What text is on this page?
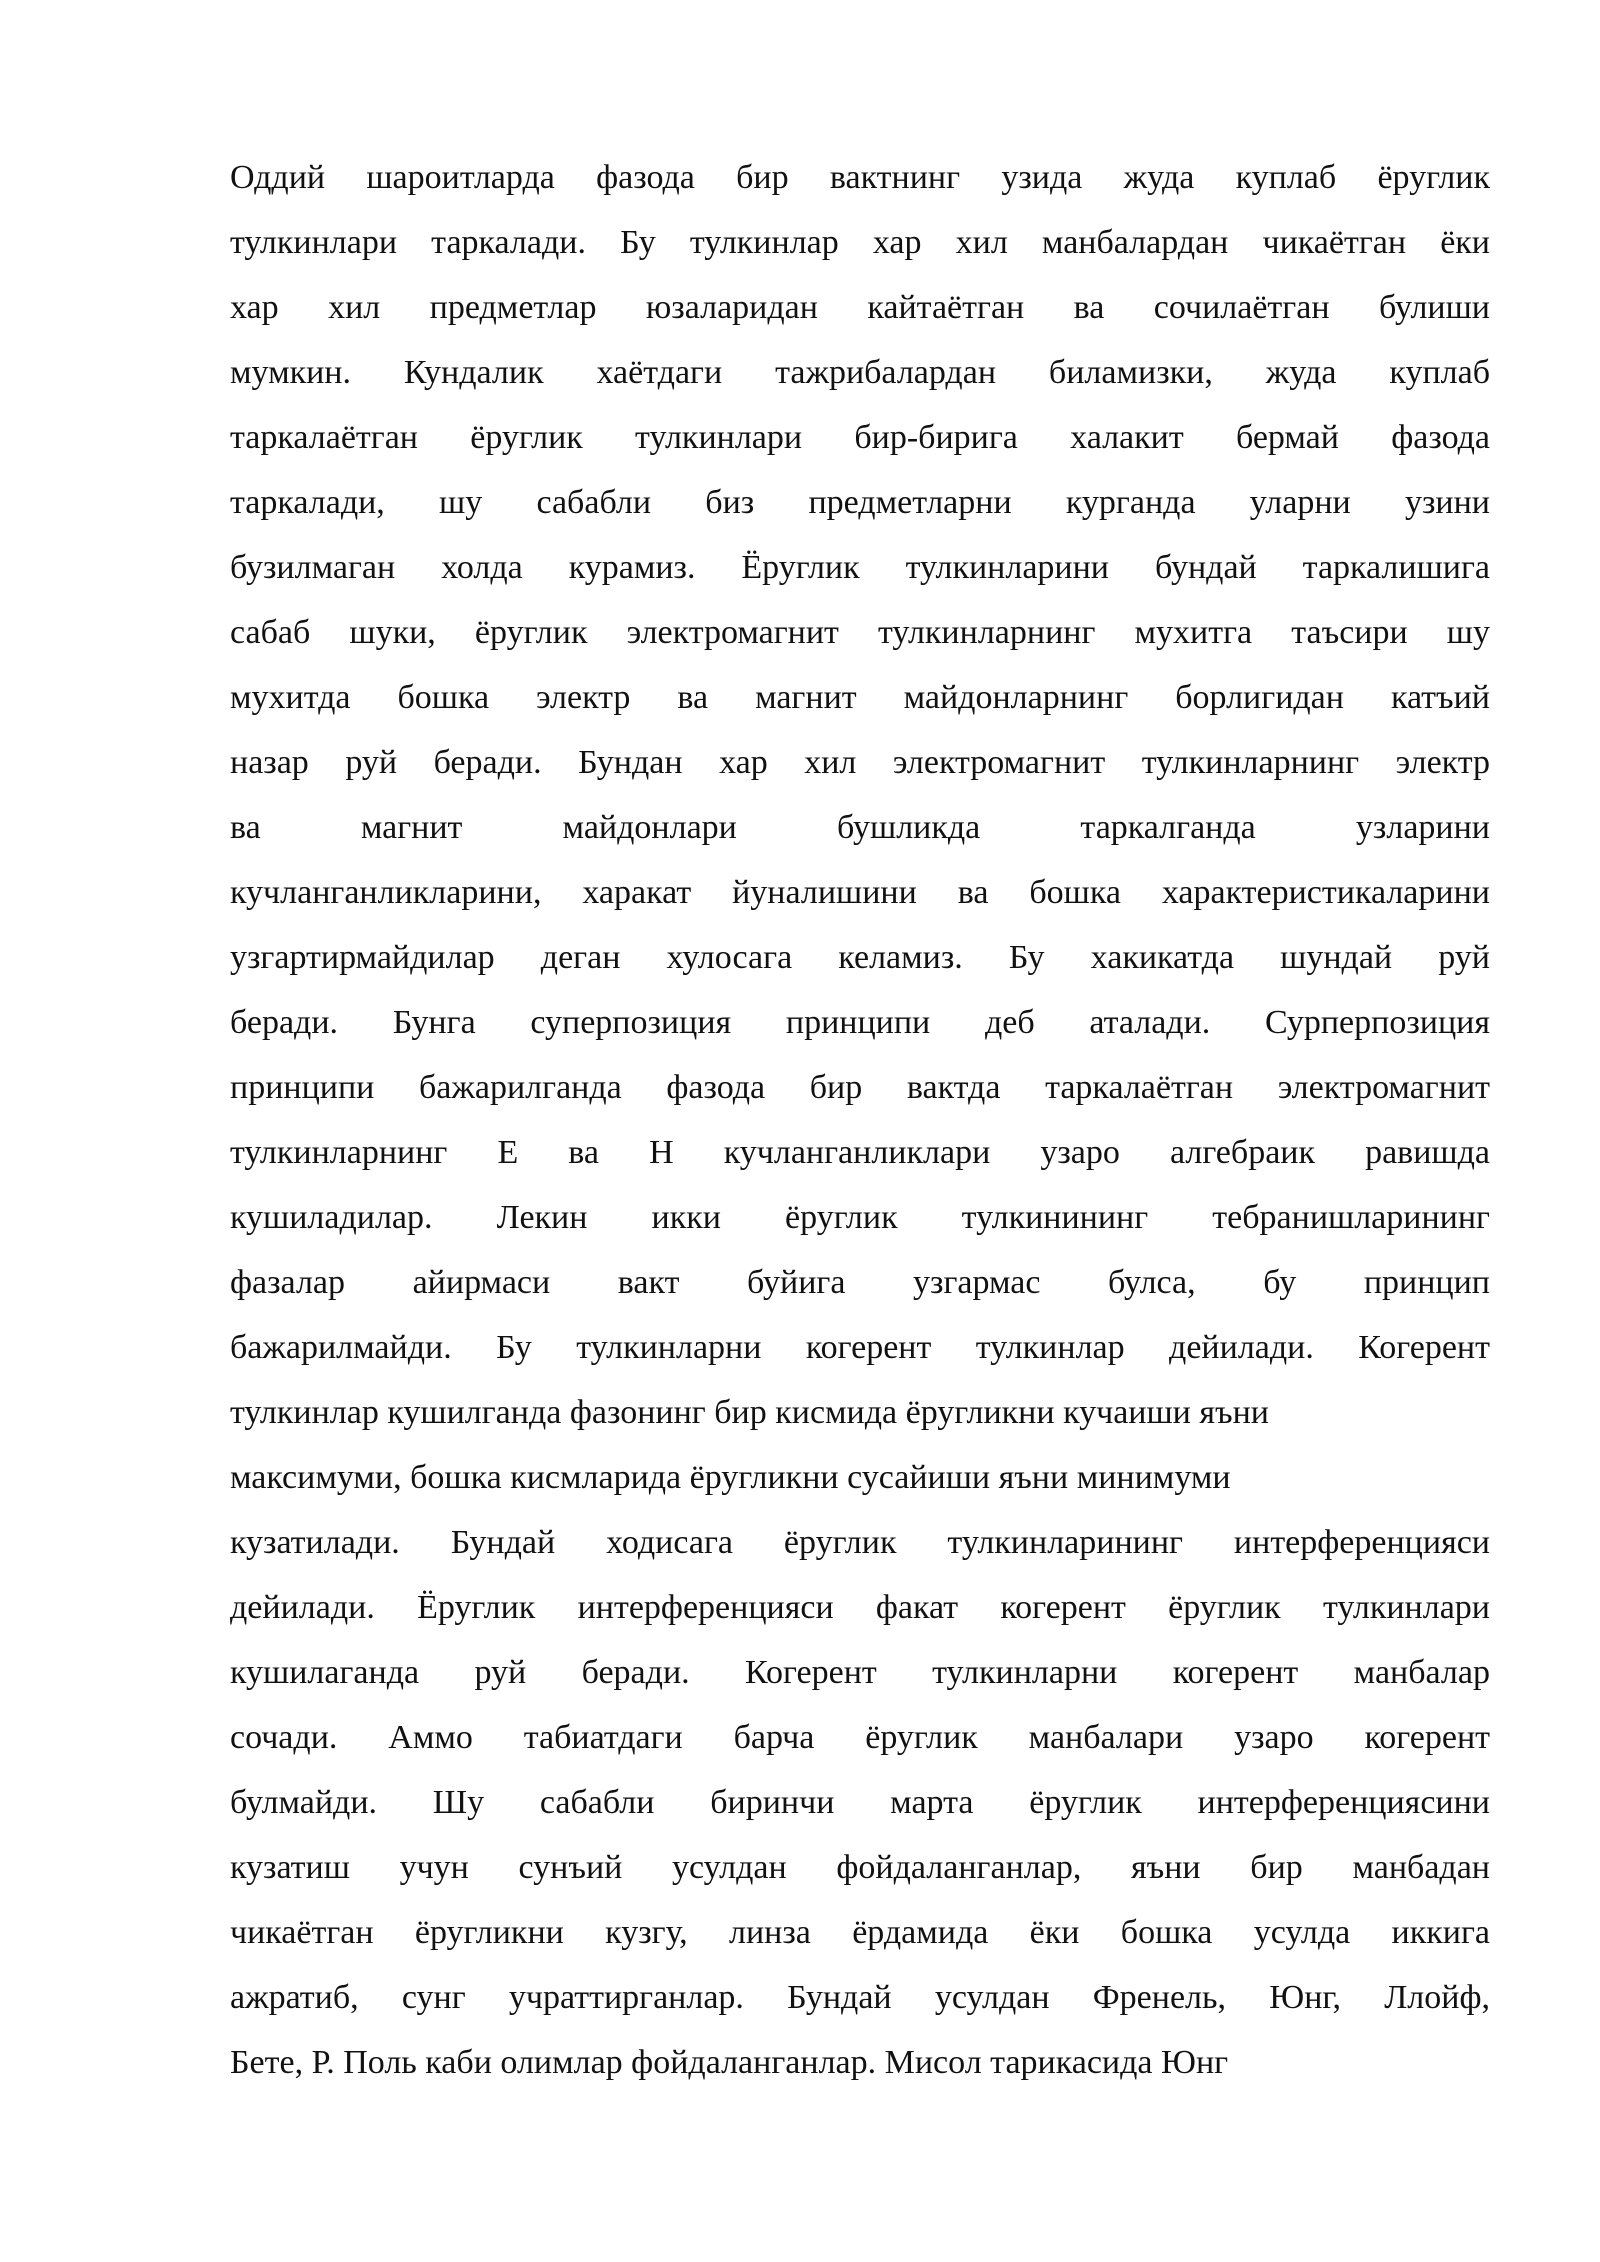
Оддий шароитларда фазода бир вактнинг узида жуда куплаб ёруглик
тулкинлари таркалади. Бу тулкинлар хар хил манбалардан чикаётган ёки
хар хил предметлар юзаларидан кайтаётган ва сочилаётган булиши
мумкин. Кундалик хаётдаги тажрибалардан биламизки, жуда куплаб
таркалаётган ёруглик тулкинлари бир-бирига халакит бермай фазода
таркалади, шу сабабли биз предметларни курганда уларни узини
бузилмаган холда курамиз. Ёруглик тулкинларини бундай таркалишига
сабаб шуки, ёруглик электромагнит тулкинларнинг мухитга таъсири шу
мухитда бошка электр ва магнит майдонларнинг борлигидан катъий
назар руй беради. Бундан хар хил электромагнит тулкинларнинг электр
ва магнит майдонлари бушликда таркалганда узларини
кучланганликларини, харакат йуналишини ва бошка характеристикаларини
узгартирмайдилар деган хулосага келамиз. Бу хакикатда шундай руй
беради. Бунга суперпозиция принципи деб аталади. Сурперпозиция
принципи бажарилганда фазода бир вактда таркалаётган электромагнит
тулкинларнинг Е ва Н кучланганликлари узаро алгебраик равишда
кушиладилар. Лекин икки ёруглик тулкинининг тебранишларининг
фазалар айирмаси вакт буйига узгармас булса, бу принцип
бажарилмайди. Бу тулкинларни когерент тулкинлар дейилади. Когерент
тулкинлар кушилганда фазонинг бир кисмида ёругликни кучаиши яъни
максимуми, бошка кисмларида ёругликни сусайиши яъни минимуми
кузатилади. Бундай ходисага ёруглик тулкинларининг интерференцияси
дейилади. Ёруглик интерференцияси факат когерент ёруглик тулкинлари
кушилаганда руй беради. Когерент тулкинларни когерент манбалар
сочади. Аммо табиатдаги барча ёруглик манбалари узаро когерент
булмайди. Шу сабабли биринчи марта ёруглик интерференциясини
кузатиш учун сунъий усулдан фойдаланганлар, яъни бир манбадан
чикаётган ёругликни кузгу, линза ёрдамида ёки бошка усулда иккига
ажратиб, сунг учраттирганлар. Бундай усулдан Френель, Юнг, Ллойф,
Бете, Р. Поль каби олимлар фойдаланганлар. Мисол тарикасида Юнг
